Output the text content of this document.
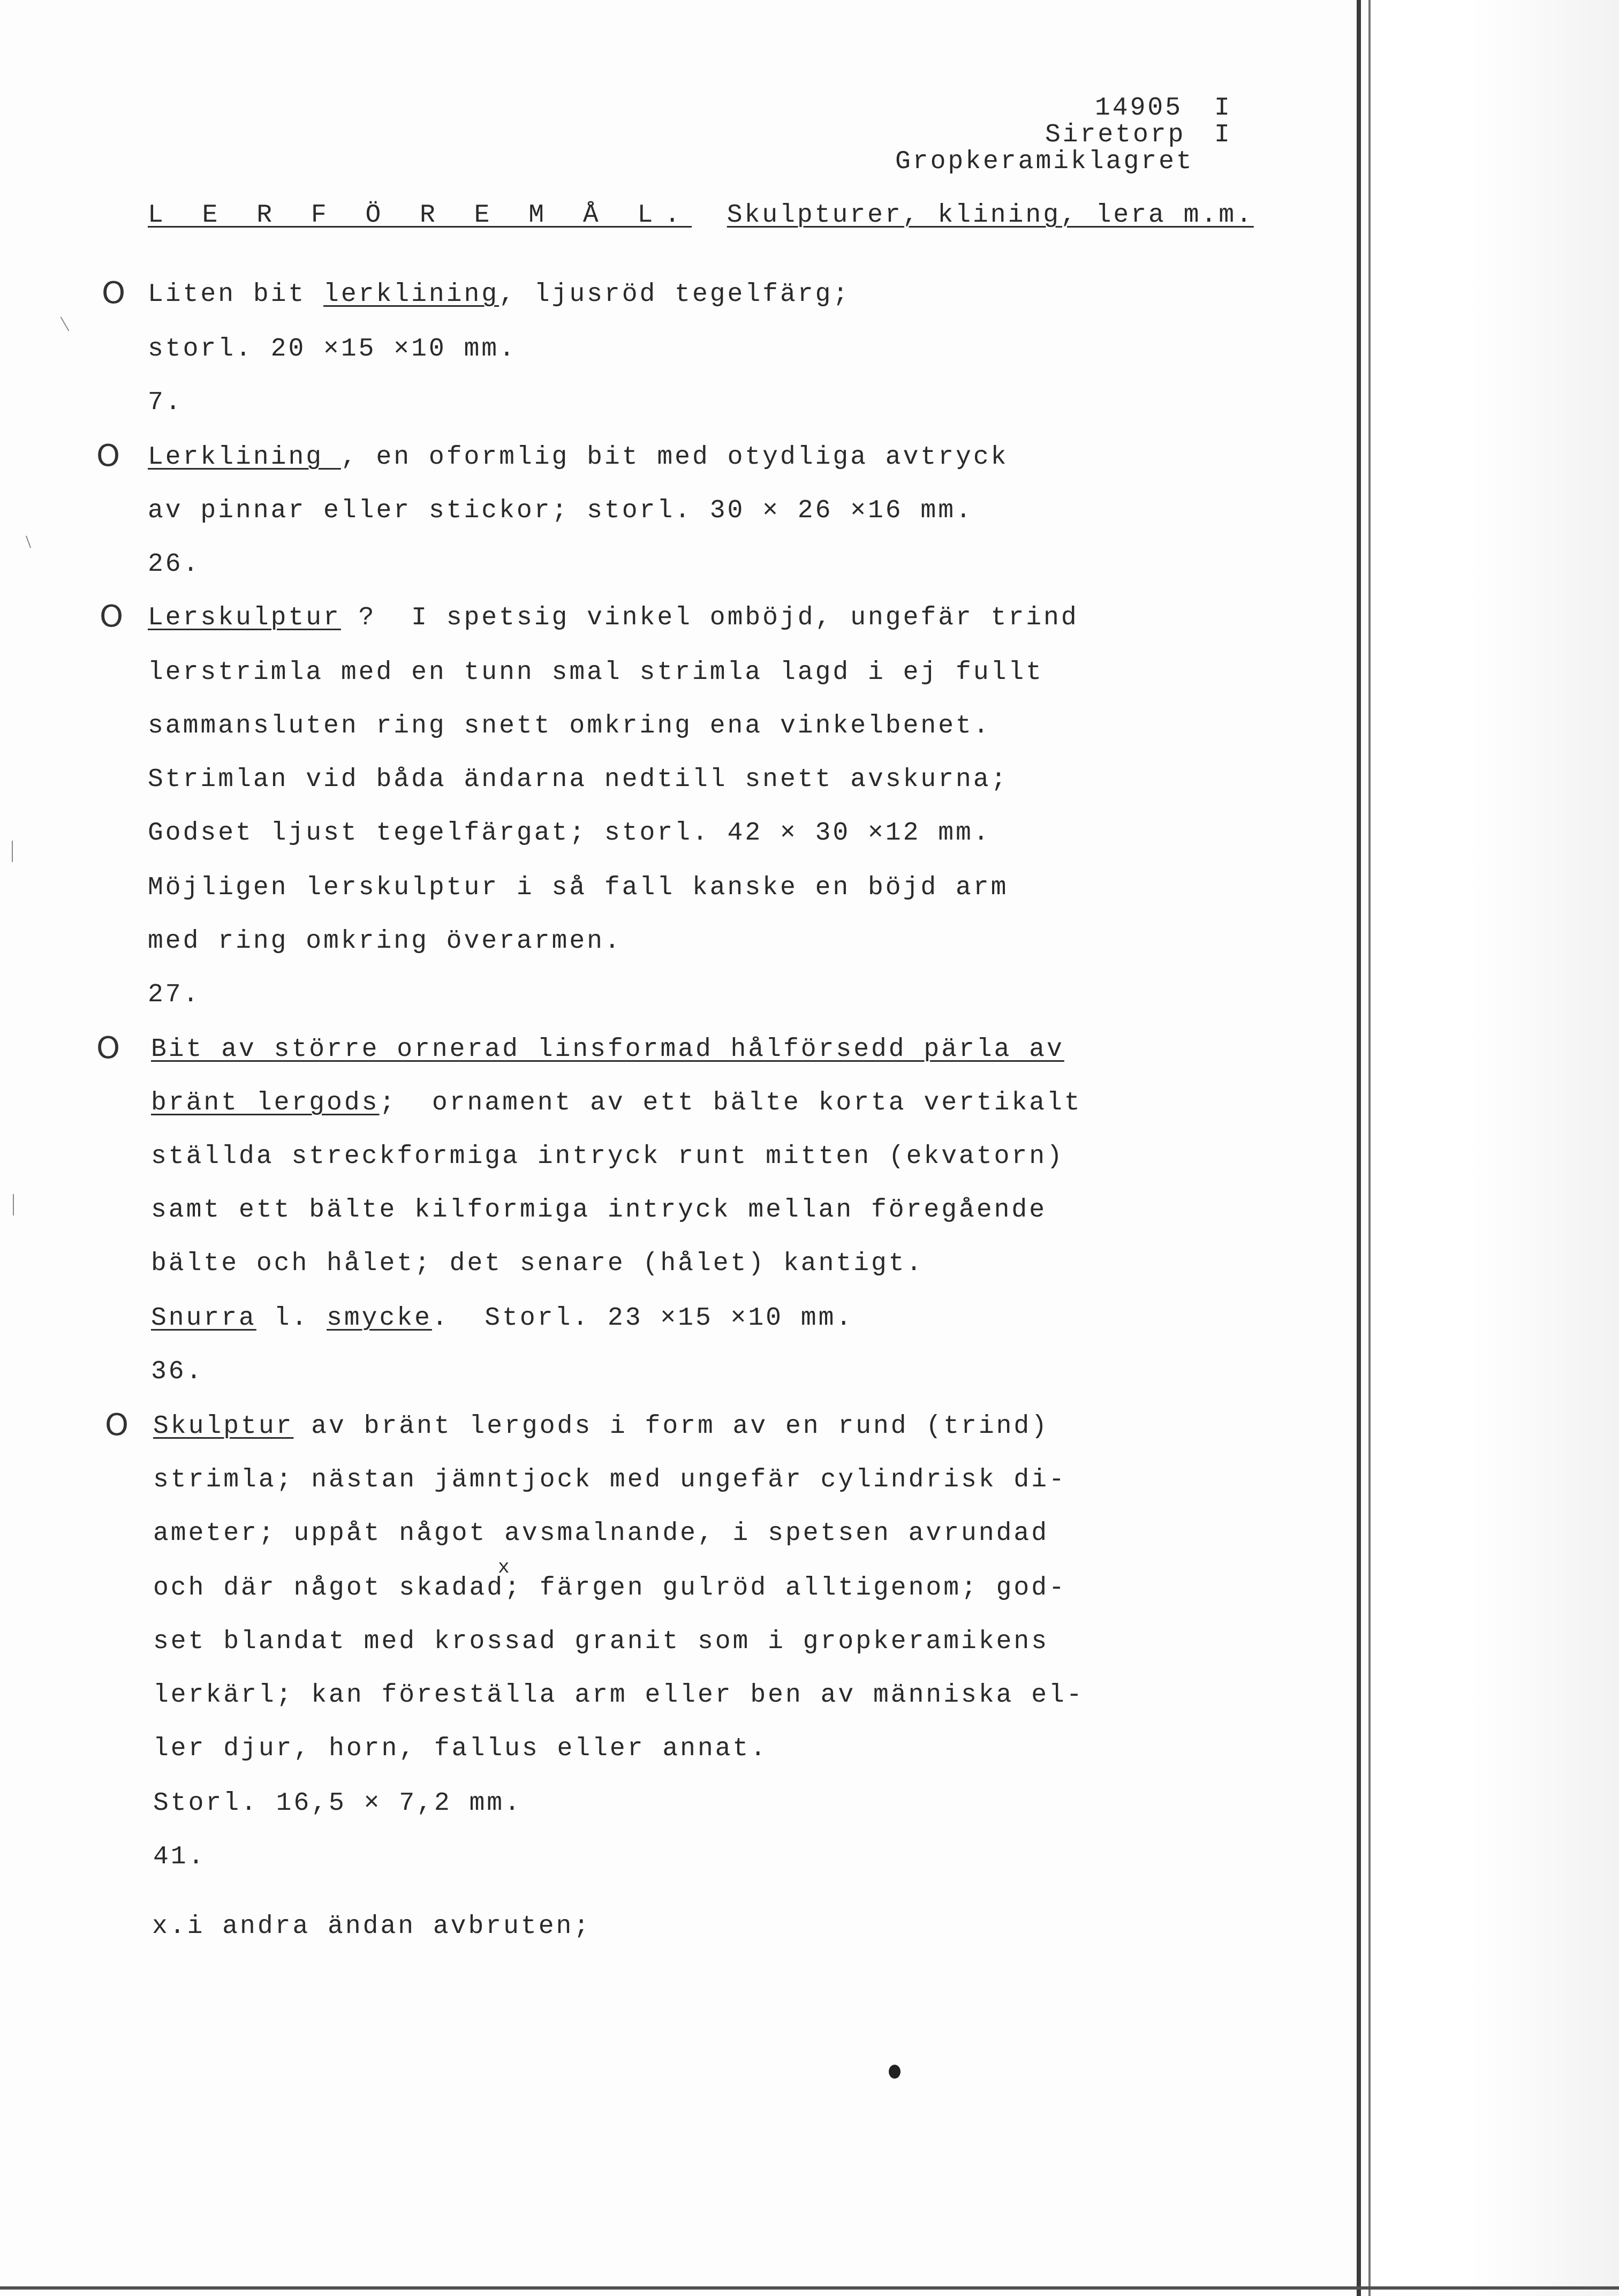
14905 I
Siretorp I
Gropkeramiklagret
L E R F Ö R E M Å L. Skulpturer, klining, lera m.m.
O Liten bit lerklining, ljusröd tegelfärg;
storl. 20 ×15 ×10 mm.
7.
O Lerklining , en oformlig bit med otydliga avtryck
av pinnar eller stickor; storl. 30 × 26 ×16 mm.
26.
O Lerskulptur ?  I spetsig vinkel omböjd, ungefär trind
lerstrimla med en tunn smal strimla lagd i ej fullt
sammansluten ring snett omkring ena vinkelbenet.
Strimlan vid båda ändarna nedtill snett avskurna;
Godset ljust tegelfärgat; storl. 42 × 30 ×12 mm.
Möjligen lerskulptur i så fall kanske en böjd arm
med ring omkring överarmen.
27.
O Bit av större ornerad linsformad hålförsedd pärla av
bränt lergods;  ornament av ett bälte korta vertikalt
ställda streckformiga intryck runt mitten (ekvatorn)
samt ett bälte kilformiga intryck mellan föregående
bälte och hålet; det senare (hålet) kantigt.
Snurra l. smycke.  Storl. 23 ×15 ×10 mm.
36.
O Skulptur av bränt lergods i form av en rund (trind)
strimla; nästan jämntjock med ungefär cylindrisk di-
ameter; uppåt något avsmalnande, i spetsen avrundad
och där något skadad; färgen gulröd alltigenom; god-
set blandat med krossad granit som i gropkeramikens
lerkärl; kan föreställa arm eller ben av människa el-
ler djur, horn, fallus eller annat.
Storl. 16,5 × 7,2 mm.
41.
x
x.i andra ändan avbruten;
